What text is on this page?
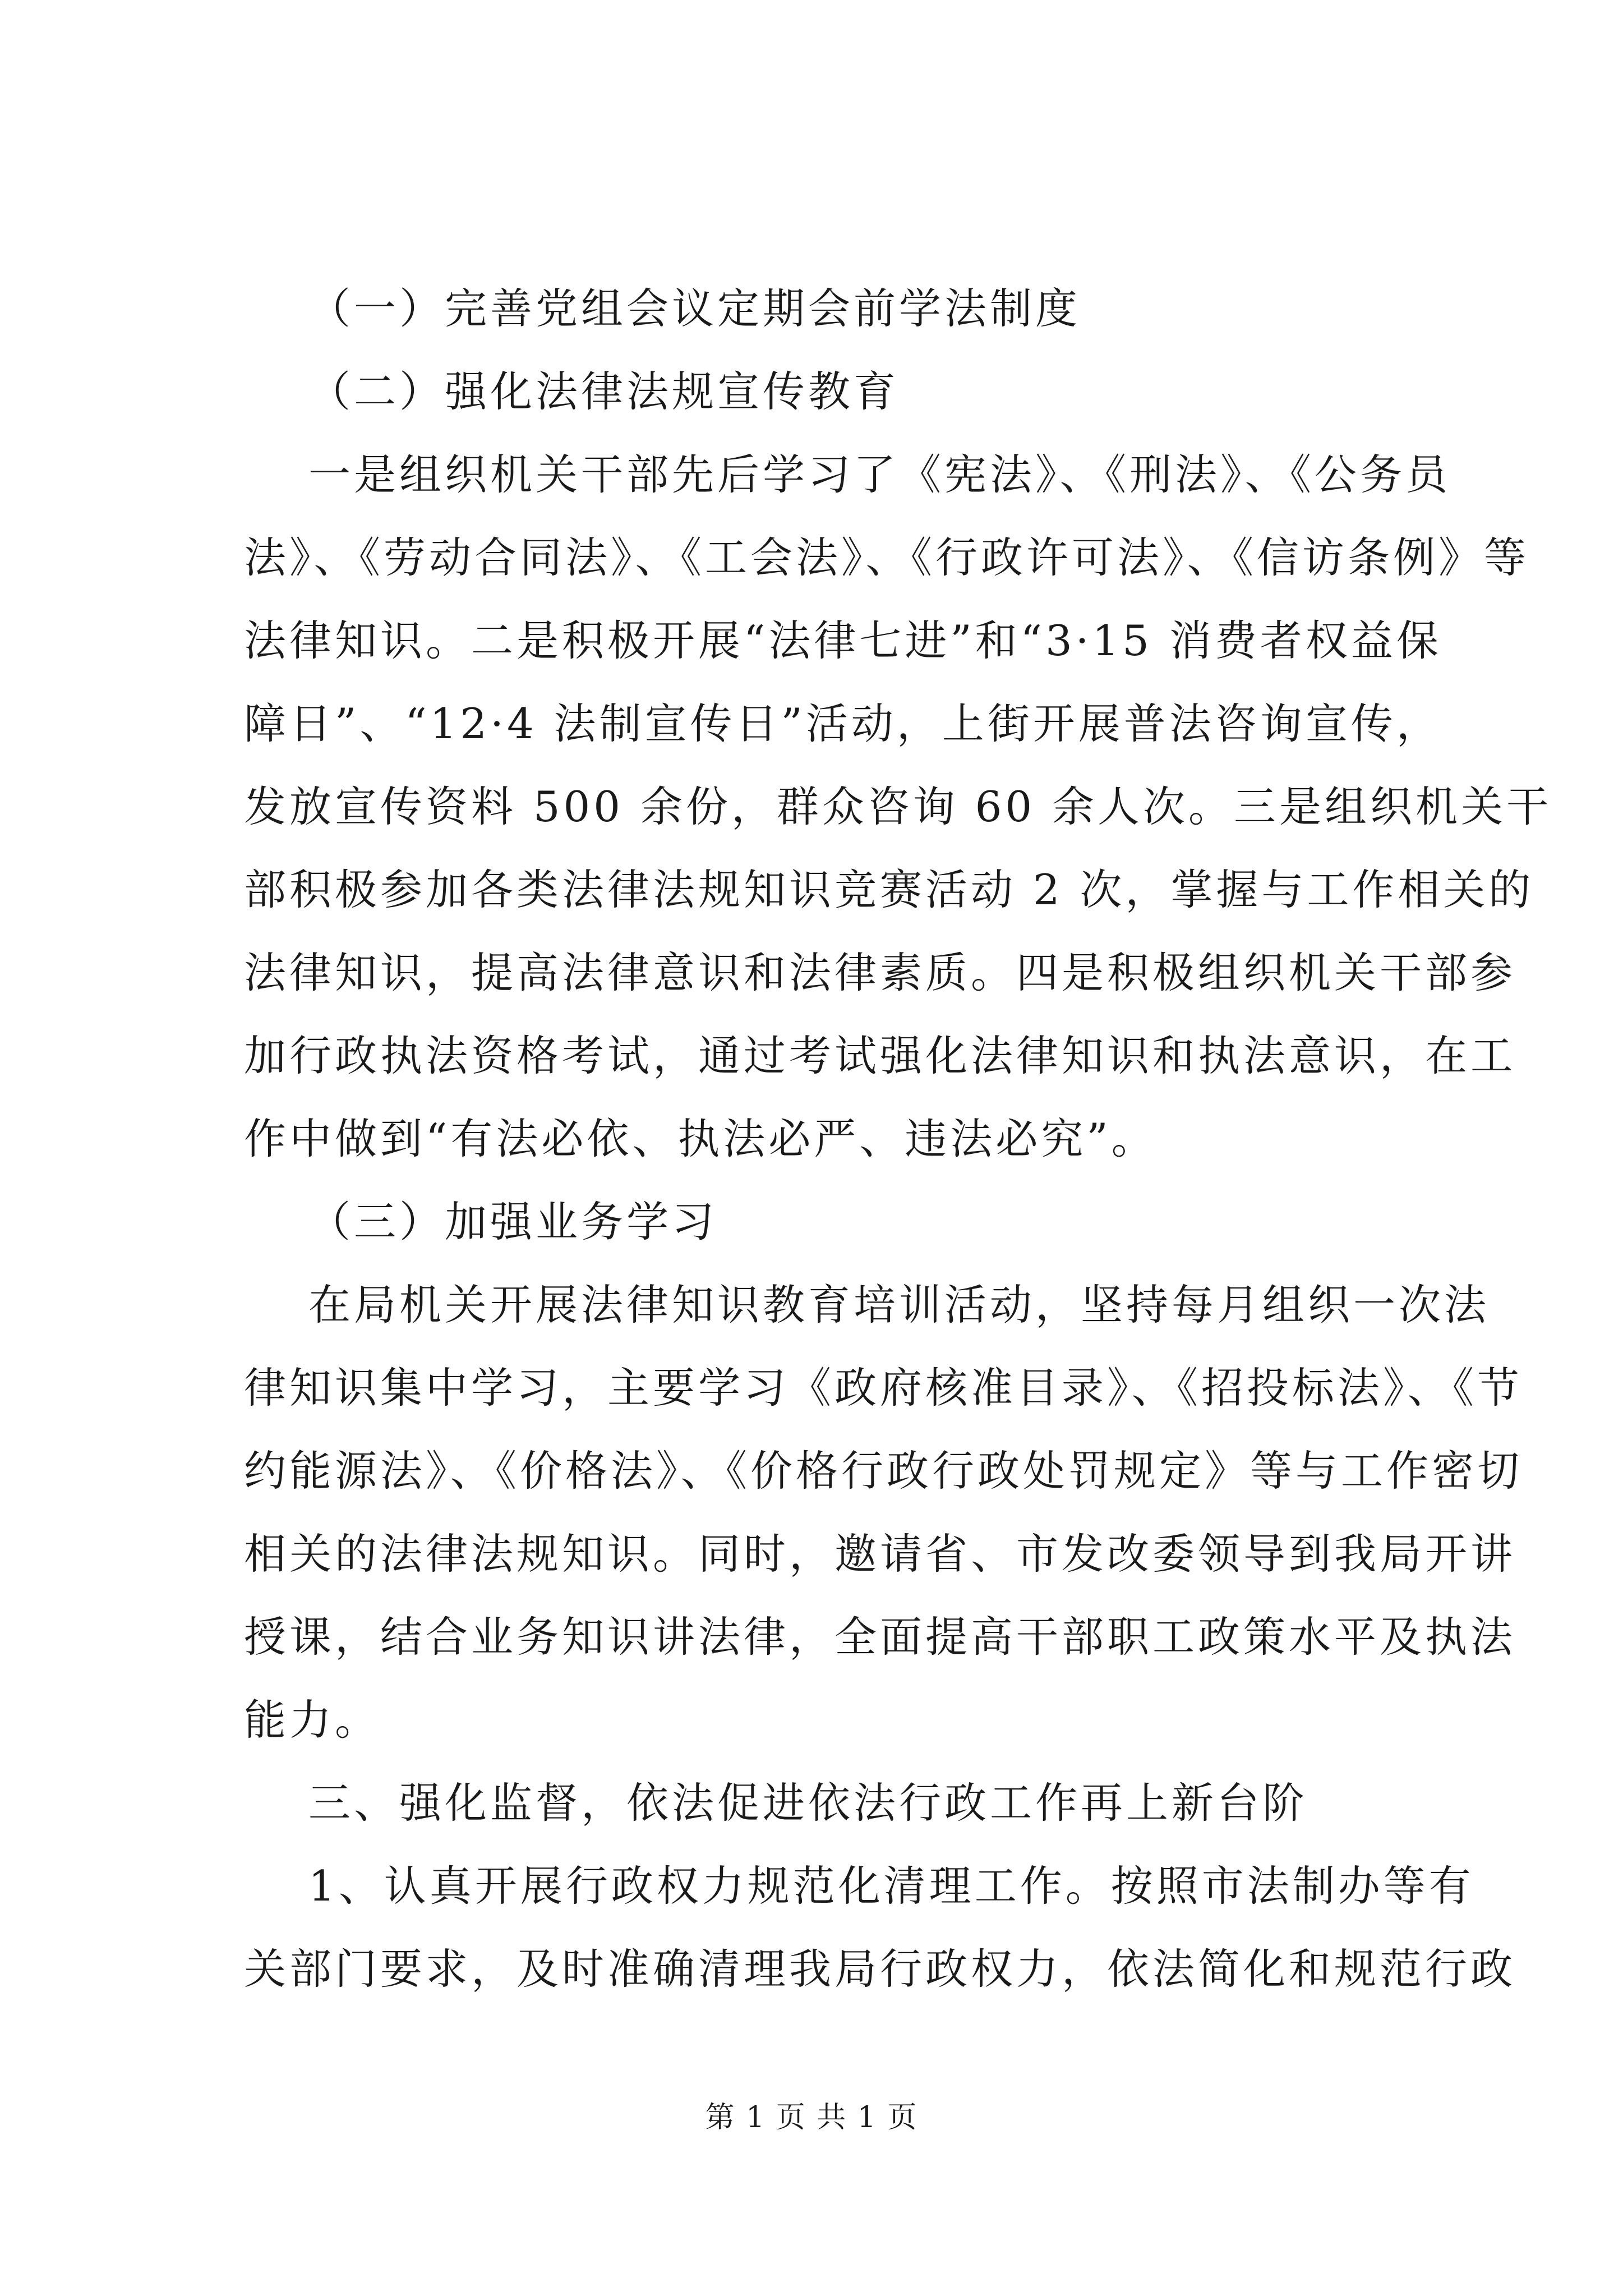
（一）完善党组会议定期会前学法制度
（二）强化法律法规宣传教育
一是组织机关干部先后学习了《宪法》、《刑法》、《公务员
法》、《劳动合同法》、《工会法》、《行政许可法》、《信访条例》等
法律知识。二是积极开展“法律七进”和“3·15 消费者权益保
障日”、“12·4 法制宣传日”活动，上街开展普法咨询宣传，
发放宣传资料 500 余份，群众咨询 60 余人次。三是组织机关干
部积极参加各类法律法规知识竞赛活动 2 次，掌握与工作相关的
法律知识，提高法律意识和法律素质。四是积极组织机关干部参
加行政执法资格考试，通过考试强化法律知识和执法意识，在工
作中做到“有法必依、执法必严、违法必究”。
（三）加强业务学习
在局机关开展法律知识教育培训活动，坚持每月组织一次法
律知识集中学习，主要学习《政府核准目录》、《招投标法》、《节
约能源法》、《价格法》、《价格行政行政处罚规定》等与工作密切
相关的法律法规知识。同时，邀请省、市发改委领导到我局开讲
授课，结合业务知识讲法律，全面提高干部职工政策水平及执法
能力。
三、强化监督，依法促进依法行政工作再上新台阶
1、认真开展行政权力规范化清理工作。按照市法制办等有
关部门要求，及时准确清理我局行政权力，依法简化和规范行政
第 1 页 共 1 页
